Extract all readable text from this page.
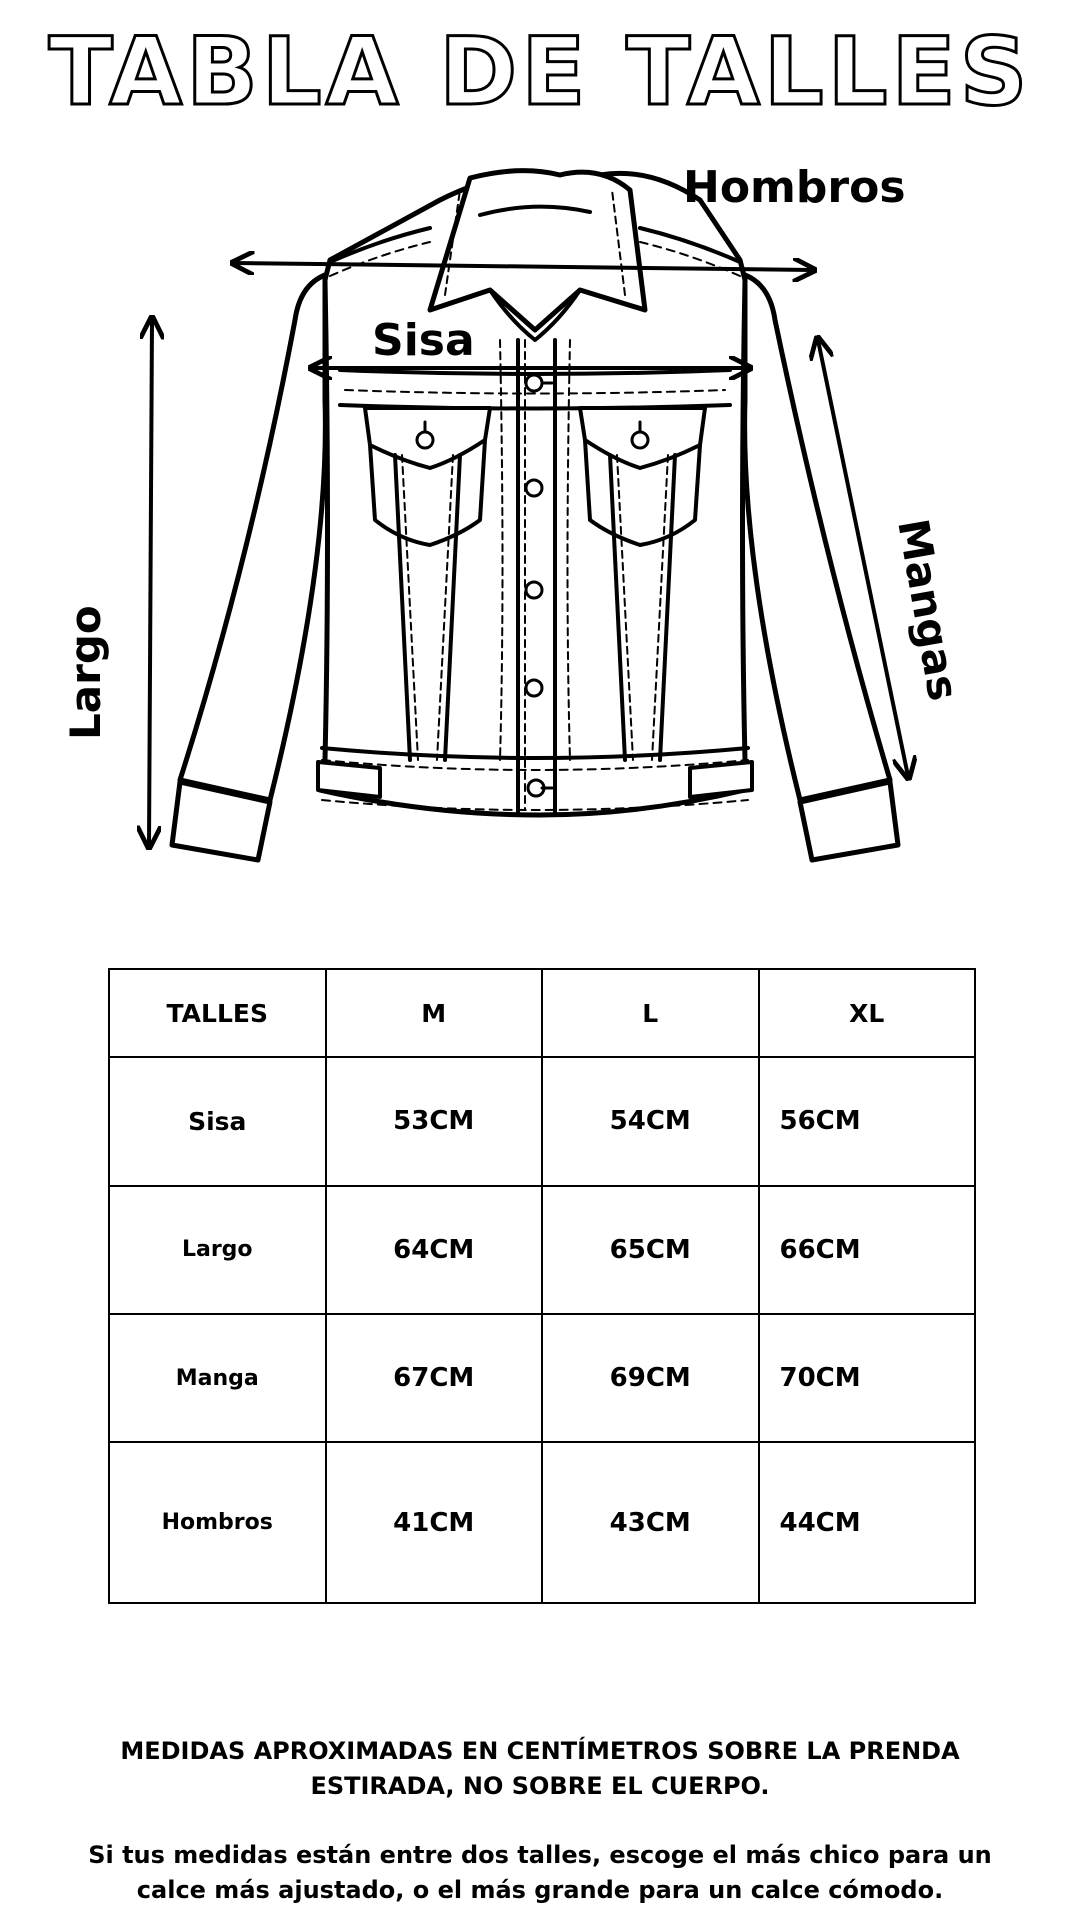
TABLA DE TALLES
Hombros
Sisa
Largo	Mangas
TALLES	M	L	XL
Sisa	53CM	54CM	56CM
Largo	64CM	65CM	66CM
Manga	67CM	69CM	70CM
Hombros	41CM	43CM	44CM
MEDIDAS APROXIMADAS EN CENTÍMETROS SOBRE LA PRENDA ESTIRADA, NO SOBRE EL CUERPO.
Si tus medidas están entre dos talles, escoge el más chico para un calce más ajustado, o el más grande para un calce cómodo.
